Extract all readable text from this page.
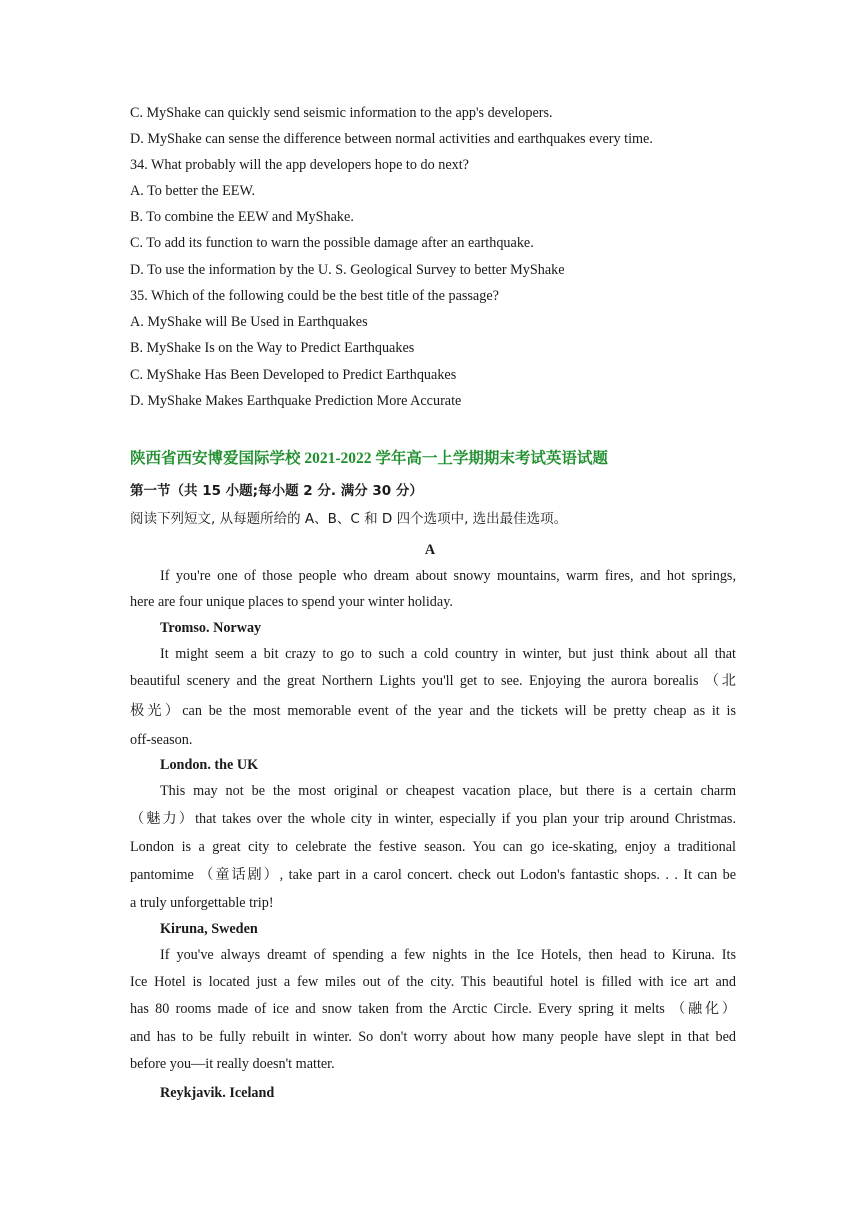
C. MyShake can quickly send seismic information to the app's developers.
D. MyShake can sense the difference between normal activities and earthquakes every time.
34. What probably will the app developers hope to do next?
A. To better the EEW.
B. To combine the EEW and MyShake.
C. To add its function to warn the possible damage after an earthquake.
D. To use the information by the U. S. Geological Survey to better MyShake
35. Which of the following could be the best title of the passage?
A. MyShake will Be Used in Earthquakes
B. MyShake Is on the Way to Predict Earthquakes
C. MyShake Has Been Developed to Predict Earthquakes
D. MyShake Makes Earthquake Prediction More Accurate
陕西省西安博爱国际学校 2021-2022 学年高一上学期期末考试英语试题
第一节（共 15 小题;每小题 2 分. 满分 30 分）
阅读下列短文, 从每题所给的 A、B、C 和 D 四个选项中, 选出最佳选项。
A
If you're one of those people who dream about snowy mountains, warm fires, and hot springs,
here are four unique places to spend your winter holiday.
Tromso. Norway
It might seem a bit crazy to go to such a cold country in winter, but just think about all that
beautiful scenery and the great Northern Lights you'll get to see. Enjoying the aurora borealis （北
极光）can be the most memorable event of the year and the tickets will be pretty cheap as it is
off-season.
London. the UK
This may not be the most original or cheapest vacation place, but there is a certain charm
（魅力）that takes over the whole city in winter, especially if you plan your trip around Christmas.
London is a great city to celebrate the festive season. You can go ice-skating, enjoy a traditional
pantomime （童话剧）, take part in a carol concert. check out Lodon's fantastic shops. . . It can be
a truly unforgettable trip!
Kiruna, Sweden
If you've always dreamt of spending a few nights in the Ice Hotels, then head to Kiruna. Its
Ice Hotel is located just a few miles out of the city. This beautiful hotel is filled with ice art and
has 80 rooms made of ice and snow taken from the Arctic Circle. Every spring it melts （融化）
and has to be fully rebuilt in winter. So don't worry about how many people have slept in that bed
before you—it really doesn't matter.
Reykjavik. Iceland
